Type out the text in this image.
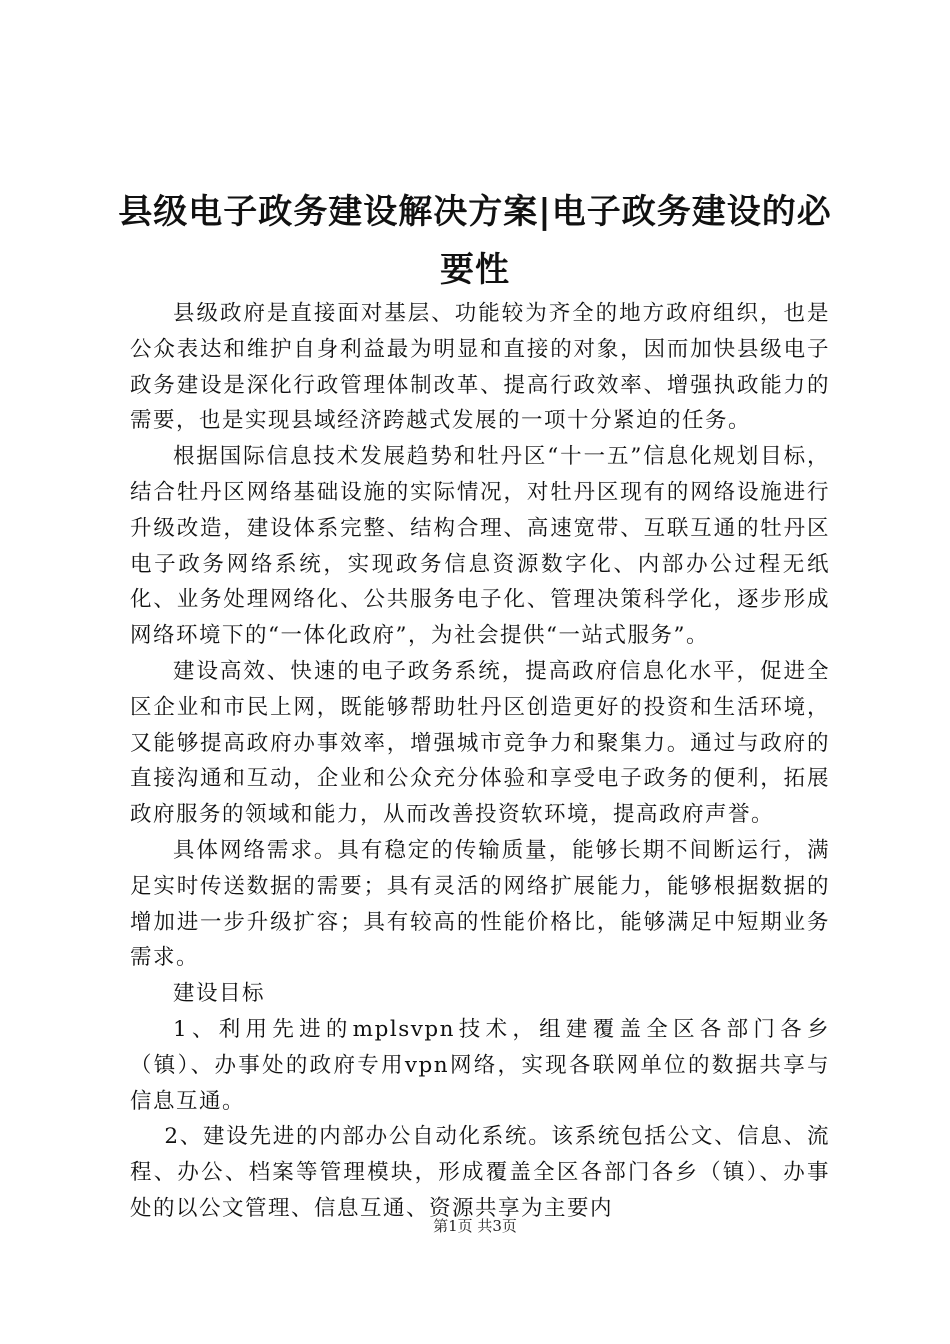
县级电子政务建设解决方案|电子政务建设的必要性

县级政府是直接面对基层、功能较为齐全的地方政府组织，也是公众表达和维护自身利益最为明显和直接的对象，因而加快县级电子政务建设是深化行政管理体制改革、提高行政效率、增强执政能力的需要，也是实现县域经济跨越式发展的一项十分紧迫的任务。

根据国际信息技术发展趋势和牡丹区“十一五”信息化规划目标，结合牡丹区网络基础设施的实际情况，对牡丹区现有的网络设施进行升级改造，建设体系完整、结构合理、高速宽带、互联互通的牡丹区电子政务网络系统，实现政务信息资源数字化、内部办公过程无纸化、业务处理网络化、公共服务电子化、管理决策科学化，逐步形成网络环境下的“一体化政府”，为社会提供“一站式服务”。

建设高效、快速的电子政务系统，提高政府信息化水平，促进全区企业和市民上网，既能够帮助牡丹区创造更好的投资和生活环境，又能够提高政府办事效率，增强城市竞争力和聚集力。通过与政府的直接沟通和互动，企业和公众充分体验和享受电子政务的便利，拓展政府服务的领域和能力，从而改善投资软环境，提高政府声誉。

具体网络需求。具有稳定的传输质量，能够长期不间断运行，满足实时传送数据的需要；具有灵活的网络扩展能力，能够根据数据的增加进一步升级扩容；具有较高的性能价格比，能够满足中短期业务需求。

建设目标

1、利用先进的mplsvpn技术，组建覆盖全区各部门各乡（镇）、办事处的政府专用vpn网络，实现各联网单位的数据共享与信息互通。

2、建设先进的内部办公自动化系统。该系统包括公文、信息、流程、办公、档案等管理模块，形成覆盖全区各部门各乡（镇）、办事处的以公文管理、信息互通、资源共享为主要内

第1页 共3页
